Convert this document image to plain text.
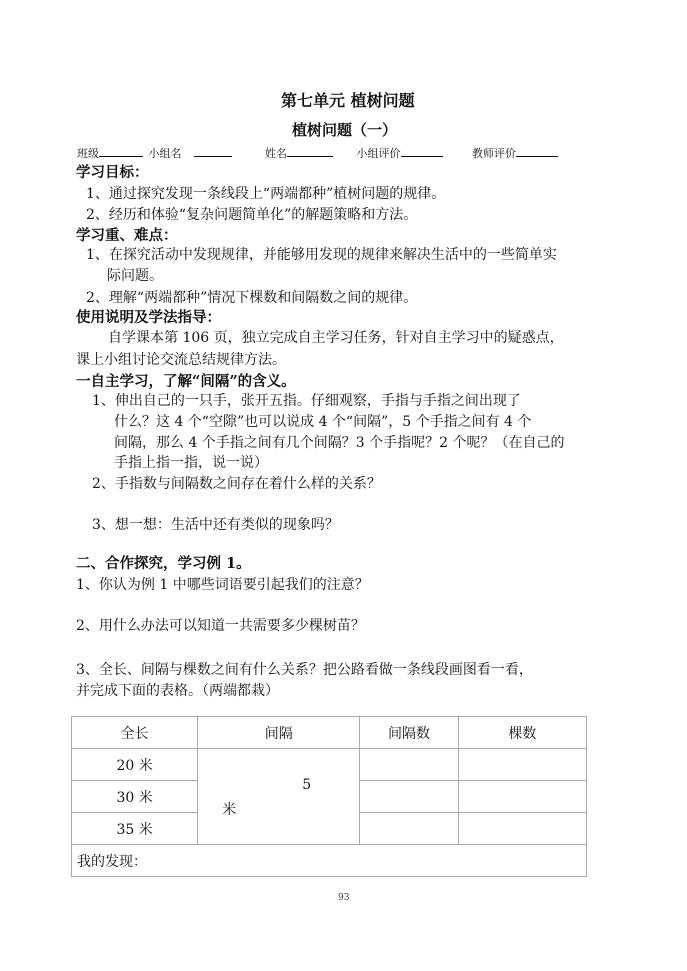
第七单元 植树问题
植树问题（一）
班级	小组名	姓名	小组评价	教师评价
学习目标：
1、通过探究发现一条线段上“两端都种”植树问题的规律。
2、经历和体验“复杂问题简单化”的解题策略和方法。
学习重、难点：
1、在探究活动中发现规律，并能够用发现的规律来解决生活中的一些简单实
际问题。
2、理解“两端都种”情况下棵数和间隔数之间的规律。
使用说明及学法指导：
自学课本第 106 页，独立完成自主学习任务，针对自主学习中的疑惑点，
课上小组讨论交流总结规律方法。
一自主学习，了解“间隔”的含义。
1、伸出自己的一只手，张开五指。仔细观察，手指与手指之间出现了
什么？这 4 个“空隙”也可以说成 4 个“间隔”，5 个手指之间有 4 个
间隔，那么 4 个手指之间有几个间隔？3 个手指呢？2 个呢？（在自己的
手指上指一指，说一说）
2、手指数与间隔数之间存在着什么样的关系？
3、想一想：生活中还有类似的现象吗？
二、合作探究，学习例 1。
1、你认为例 1 中哪些词语要引起我们的注意？
2、用什么办法可以知道一共需要多少棵树苗？
3、全长、间隔与棵数之间有什么关系？把公路看做一条线段画图看一看，
并完成下面的表格。（两端都栽）
全长	间隔	间隔数	棵数
20 米	5
米		

30 米			
35 米			
我的发现：			
93
